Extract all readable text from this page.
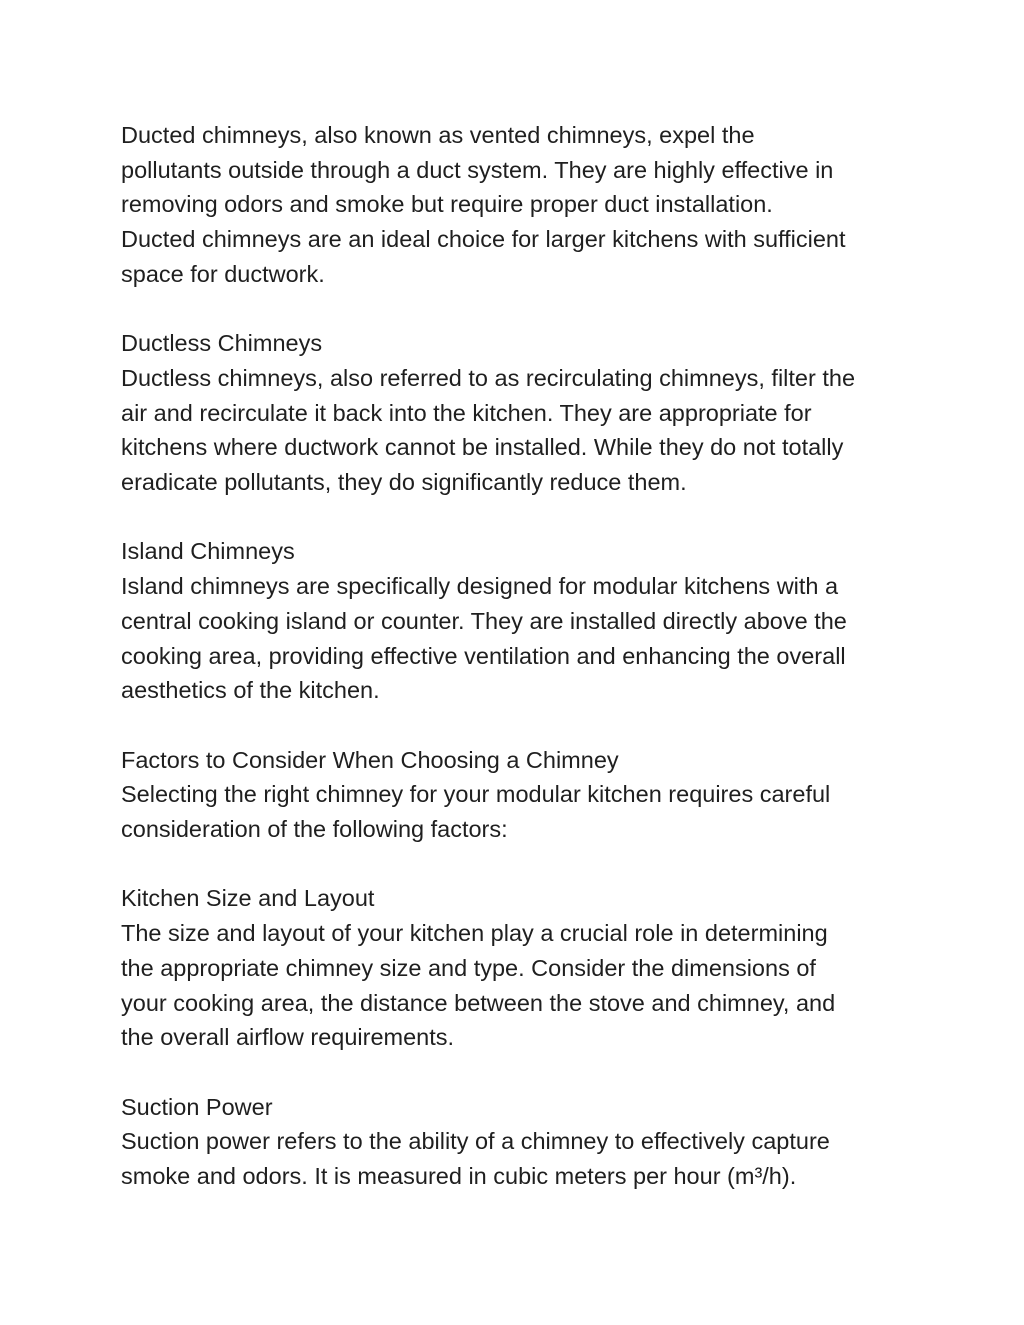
Ducted chimneys, also known as vented chimneys, expel the
pollutants outside through a duct system. They are highly effective in
removing odors and smoke but require proper duct installation.
Ducted chimneys are an ideal choice for larger kitchens with sufficient
space for ductwork.

Ductless Chimneys

Ductless chimneys, also referred to as recirculating chimneys, filter the
air and recirculate it back into the kitchen. They are appropriate for
kitchens where ductwork cannot be installed. While they do not totally
eradicate pollutants, they do significantly reduce them.

Island Chimneys

Island chimneys are specifically designed for modular kitchens with a
central cooking island or counter. They are installed directly above the
cooking area, providing effective ventilation and enhancing the overall
aesthetics of the kitchen.

Factors to Consider When Choosing a Chimney

Selecting the right chimney for your modular kitchen requires careful
consideration of the following factors:

Kitchen Size and Layout

The size and layout of your kitchen play a crucial role in determining
the appropriate chimney size and type. Consider the dimensions of
your cooking area, the distance between the stove and chimney, and
the overall airflow requirements.

Suction Power

Suction power refers to the ability of a chimney to effectively capture
smoke and odors. It is measured in cubic meters per hour (m³/h).
